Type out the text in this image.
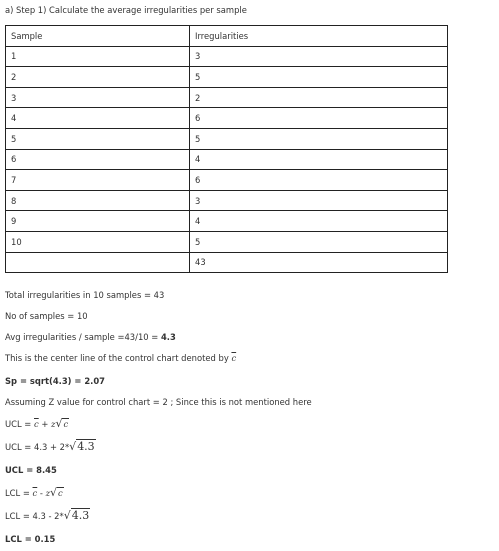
a) Step 1) Calculate the average irregularities per sample
Sample	Irregularities
1	3
2	5
3	2
4	6
5	5
6	4
7	6
8	3
9	4
10	5
	43
Total irregularities in 10 samples = 43
No of samples = 10
Avg irregularities / sample =43/10 = 4.3
This is the center line of the control chart denoted by $\overline{c}$
Sp = sqrt(4.3) = 2.07
Assuming Z value for control chart = 2 ; Since this is not mentioned here
UCL = $\overline{c} + z√c$
UCL = 4.3 + 2*√4.3
UCL = 8.45
LCL = $\overline{c} - z√c$
LCL = 4.3 - 2*√4.3
LCL = 0.15
